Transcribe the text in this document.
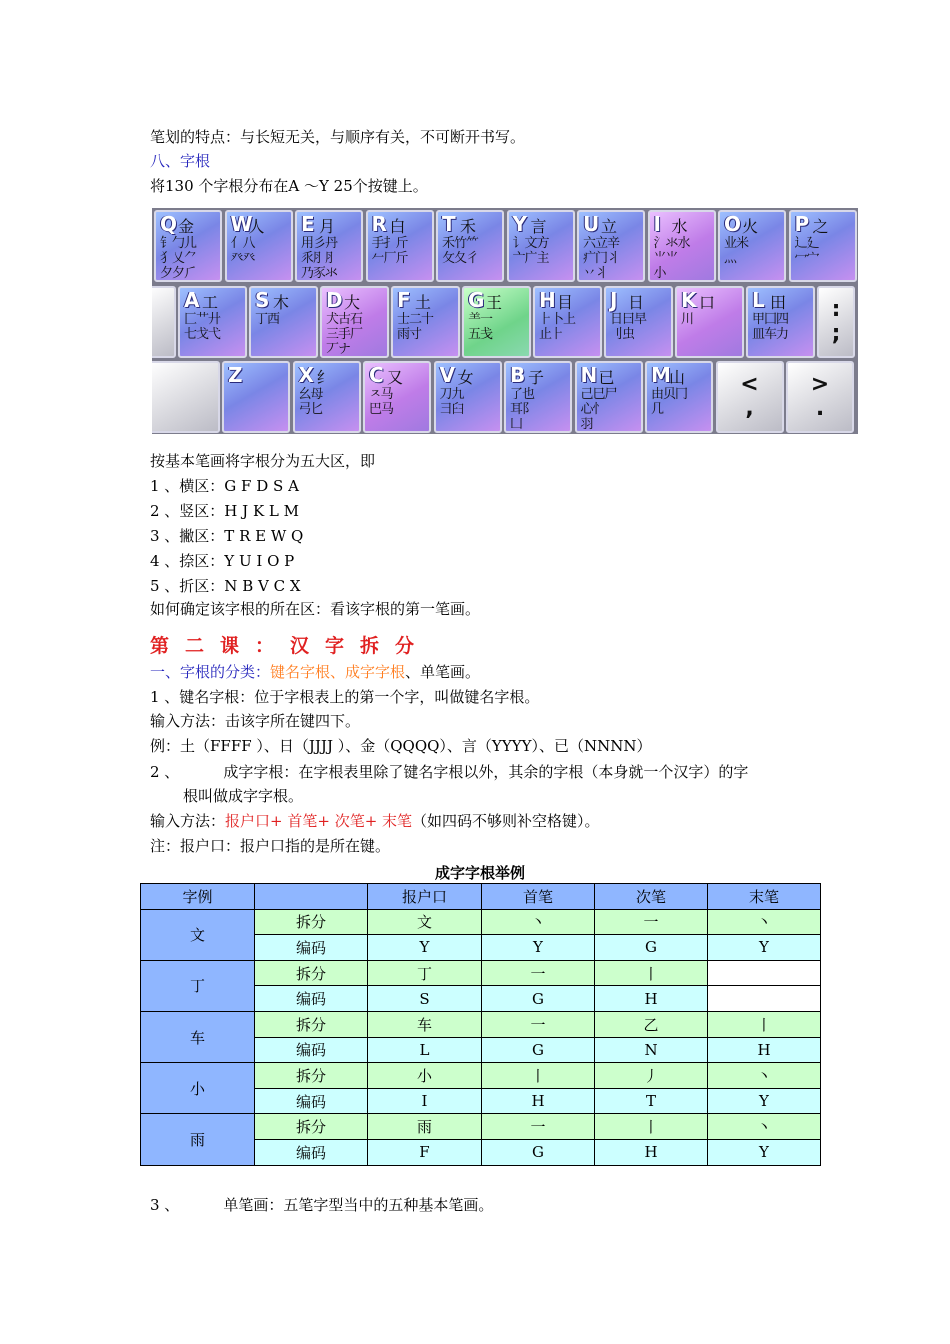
笔划的特点：与长短无关，与顺序有关，不可断开书写。
八、字根
将130 个字根分布在A ～Y 25个按键上。
Q 金
钅勹儿
犭乂⺈
夕夕⺁
W
人
亻八
癶癶
E 月
用彡丹
乑⺼⺼
乃豕氺
R 白
手扌斤
𠂉厂斤
T 禾
禾竹⺮
攵夂彳
Y 言
讠文方
亠广主
U 立
六立辛
疒门丬
丷丬
I 水
氵氺水
⺌⺌
小
O 火
业米
灬
P 之
辶廴
冖宀
A 工
匚艹廾
七戈弋
S 木
丁西
D 大
犬古石
三手厂
丆ナ
F 土
士二十
雨寸
G 王
⺷一
五戋
H 目
⺊卜上
止⺊
J 日
日曰早
刂虫
K 口
川
L 田
甲囗四
皿车力
:
;
Z	X 纟
幺母
弓匕
C 又
ㅈ马
巴马
V 女
刀九
彐臼
B 子
了也
耳阝
凵
N 已
己巳尸
心忄
羽
M
山
由贝冂
几
<
,
>
.
按基本笔画将字根分为五大区，即
1 、横区：G F D S A
2 、竖区：H J K L M
3 、撇区：T R E W Q
4 、捺区：Y U I O P
5 、折区：N B V C X
如何确定该字根的所在区：看该字根的第一笔画。
第二课：汉字拆分
一、字根的分类：键名字根、成字字根、单笔画。
1 、键名字根：位于字根表上的第一个字，叫做键名字根。
输入方法：击该字所在键四下。
例：土（FFFF ）、日（JJJJ ）、金（QQQQ）、言（YYYY）、已（NNNN）
2 、	成字字根：在字根表里除了键名字根以外，其余的字根（本身就一个汉字）的字
根叫做成字字根。
输入方法：报户口+ 首笔+ 次笔+ 末笔（如四码不够则补空格键）。
注：报户口：报户口指的是所在键。
成字字根举例
字例		报户口	首笔	次笔	末笔
文	拆分	文	丶	一	丶
	编码	Y	Y	G	Y
丁	拆分	丁	一	丨	
	编码	S	G	H	
车	拆分	车	一	乙	丨
	编码	L	G	N	H
小	拆分	小	丨	丿	丶
	编码	I	H	T	Y
雨	拆分	雨	一	丨	丶
	编码	F	G	H	Y
3 、	单笔画：五笔字型当中的五种基本笔画。
